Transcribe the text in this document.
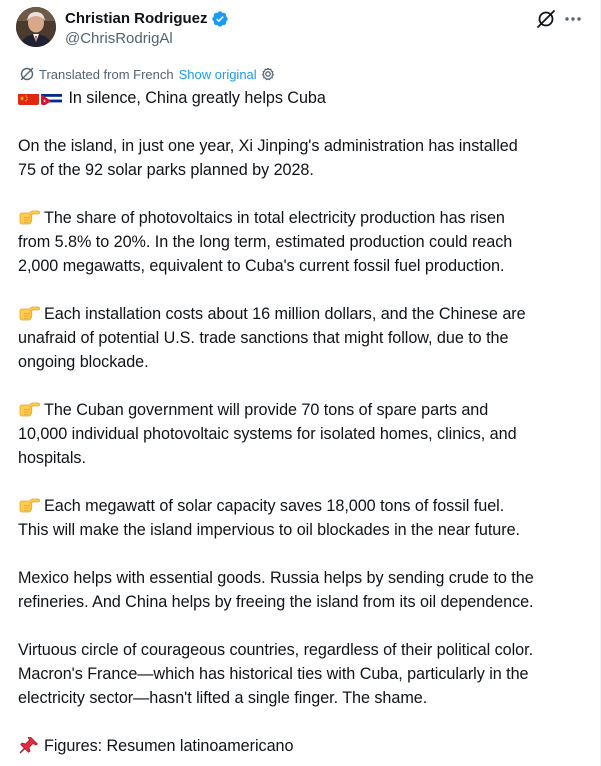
Christian Rodriguez
@ChrisRodrigAl
Translated from French Show original
In silence, China greatly helps Cuba
On the island, in just one year, Xi Jinping's administration has installed
75 of the 92 solar parks planned by 2028.
The share of photovoltaics in total electricity production has risen
from 5.8% to 20%. In the long term, estimated production could reach
2,000 megawatts, equivalent to Cuba's current fossil fuel production.
Each installation costs about 16 million dollars, and the Chinese are
unafraid of potential U.S. trade sanctions that might follow, due to the
ongoing blockade.
The Cuban government will provide 70 tons of spare parts and
10,000 individual photovoltaic systems for isolated homes, clinics, and
hospitals.
Each megawatt of solar capacity saves 18,000 tons of fossil fuel.
This will make the island impervious to oil blockades in the near future.
Mexico helps with essential goods. Russia helps by sending crude to the
refineries. And China helps by freeing the island from its oil dependence.
Virtuous circle of courageous countries, regardless of their political color.
Macron's France—which has historical ties with Cuba, particularly in the
electricity sector—hasn't lifted a single finger. The shame.
Figures: Resumen latinoamericano
